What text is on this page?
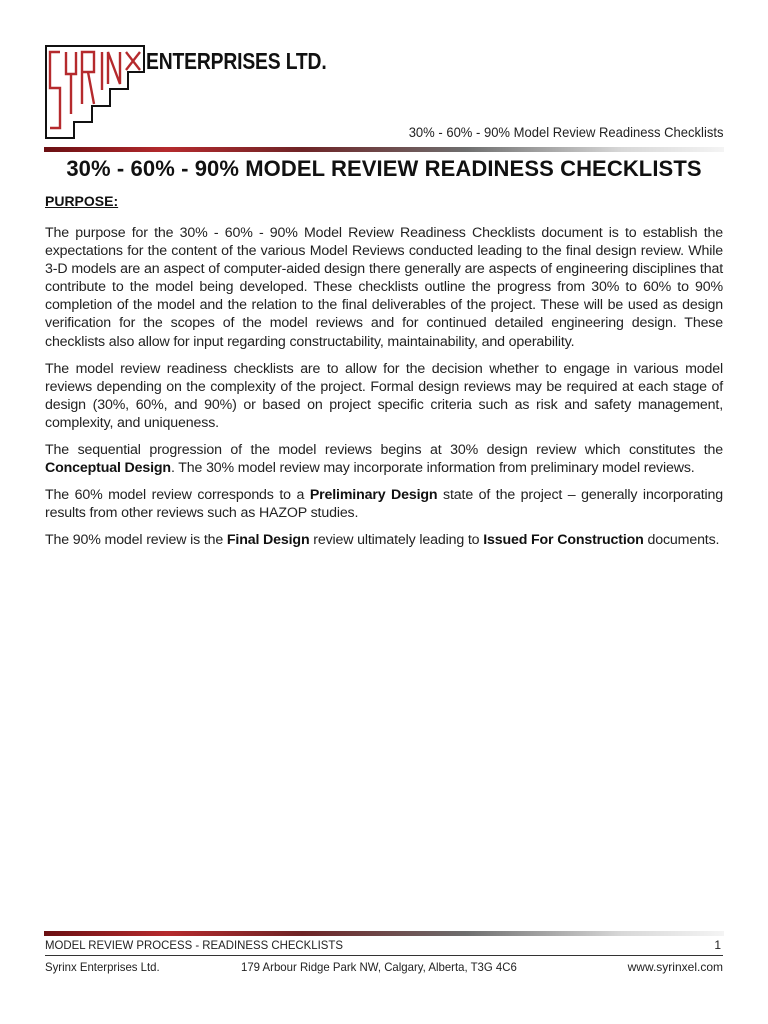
ENTERPRISES LTD.
30% - 60% - 90% Model Review Readiness Checklists
30% - 60% - 90% MODEL REVIEW READINESS CHECKLISTS
PURPOSE:

The purpose for the 30% - 60% - 90% Model Review Readiness Checklists document is to establish the expectations for the content of the various Model Reviews conducted leading to the final design review. While 3-D models are an aspect of computer-aided design there generally are aspects of engineering disciplines that contribute to the model being developed. These checklists outline the progress from 30% to 60% to 90% completion of the model and the relation to the final deliverables of the project. These will be used as design verification for the scopes of the model reviews and for continued detailed engineering design. These checklists also allow for input regarding constructability, maintainability, and operability.

The model review readiness checklists are to allow for the decision whether to engage in various model reviews depending on the complexity of the project. Formal design reviews may be required at each stage of design (30%, 60%, and 90%) or based on project specific criteria such as risk and safety management, complexity, and uniqueness.

The sequential progression of the model reviews begins at 30% design review which constitutes the Conceptual Design. The 30% model review may incorporate information from preliminary model reviews.

The 60% model review corresponds to a Preliminary Design state of the project – generally incorporating results from other reviews such as HAZOP studies.

The 90% model review is the Final Design review ultimately leading to Issued For Construction documents.

MODEL REVIEW PROCESS - READINESS CHECKLISTS	1
Syrinx Enterprises Ltd.	179 Arbour Ridge Park NW, Calgary, Alberta, T3G 4C6	www.syrinxel.com
